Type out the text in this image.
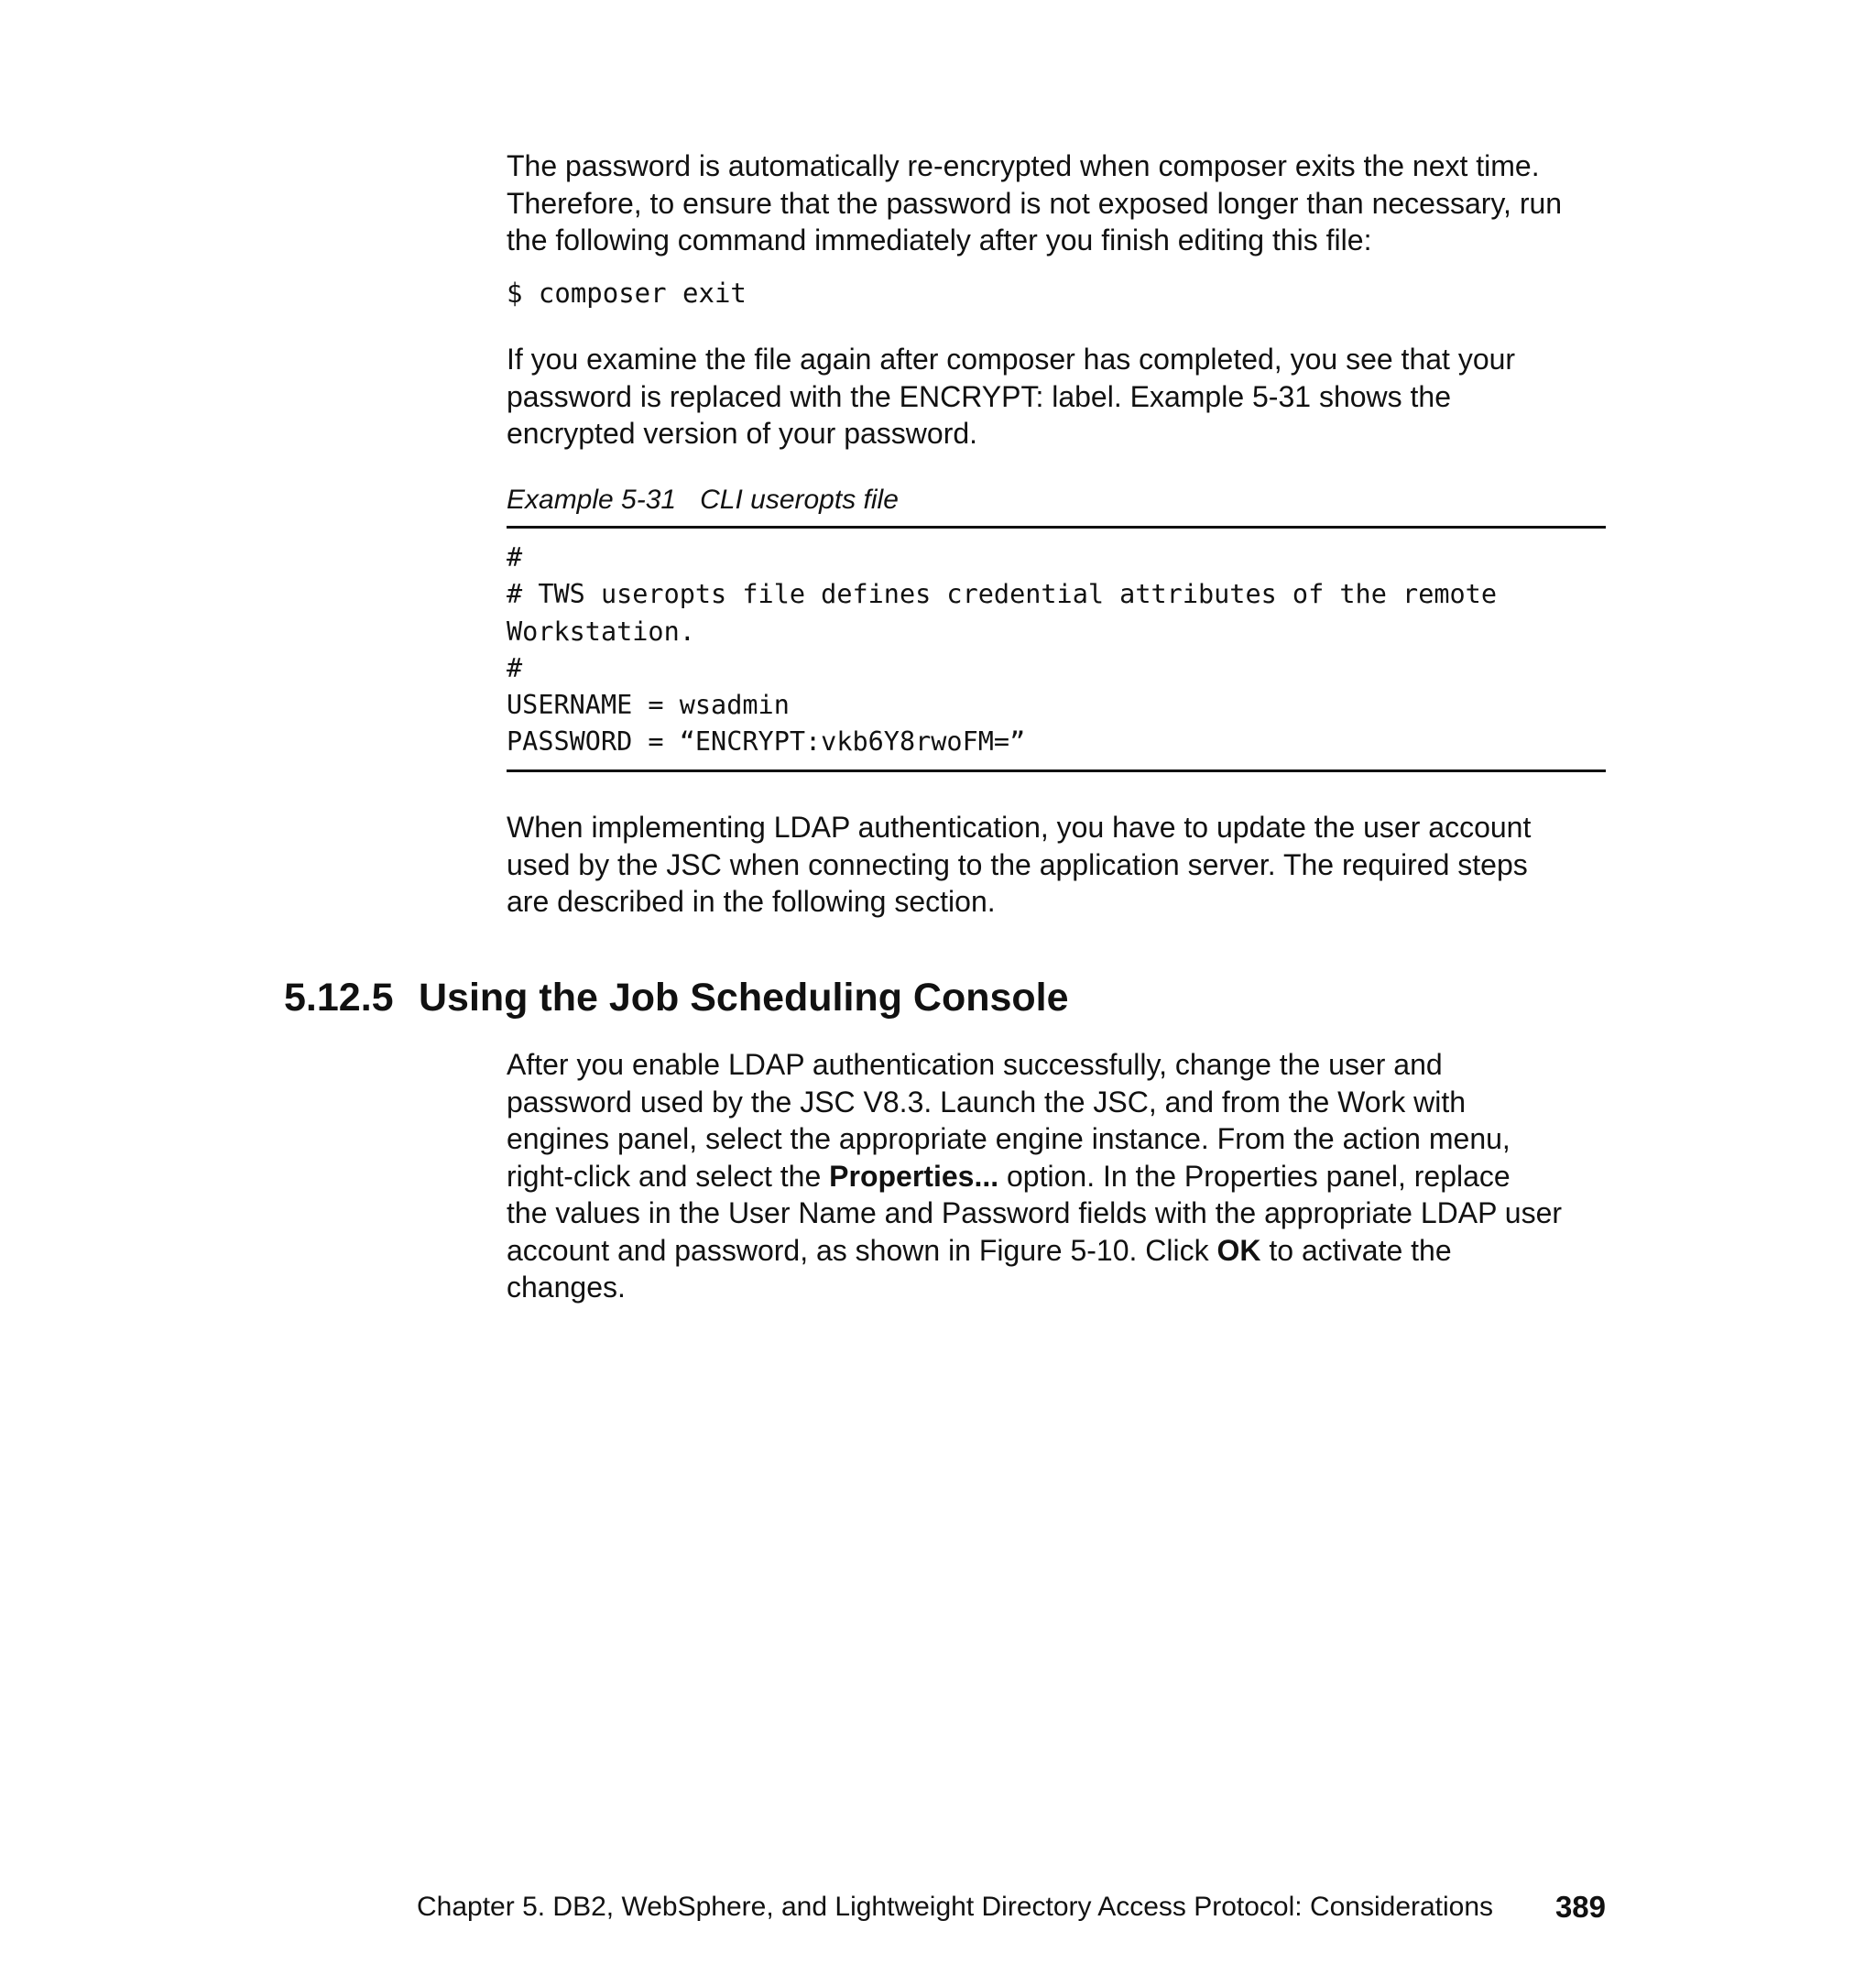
The password is automatically re-encrypted when composer exits the next time.

Therefore, to ensure that the password is not exposed longer than necessary, run

the following command immediately after you finish editing this file:

$ composer exit

If you examine the file again after composer has completed, you see that your

password is replaced with the ENCRYPT: label. Example 5-31 shows the

encrypted version of your password.

Example 5-31 CLI useropts file

#

# TWS useropts file defines credential attributes of the remote

Workstation.

#

USERNAME = wsadmin

PASSWORD = “ENCRYPT:vkb6Y8rwoFM=”

When implementing LDAP authentication, you have to update the user account

used by the JSC when connecting to the application server. The required steps

are described in the following section.

5.12.5 Using the Job Scheduling Console

After you enable LDAP authentication successfully, change the user and

password used by the JSC V8.3. Launch the JSC, and from the Work with

engines panel, select the appropriate engine instance. From the action menu,

right-click and select the Properties... option. In the Properties panel, replace

the values in the User Name and Password fields with the appropriate LDAP user

account and password, as shown in Figure 5-10. Click OK to activate the

changes.

Chapter 5. DB2, WebSphere, and Lightweight Directory Access Protocol: Considerations 389
